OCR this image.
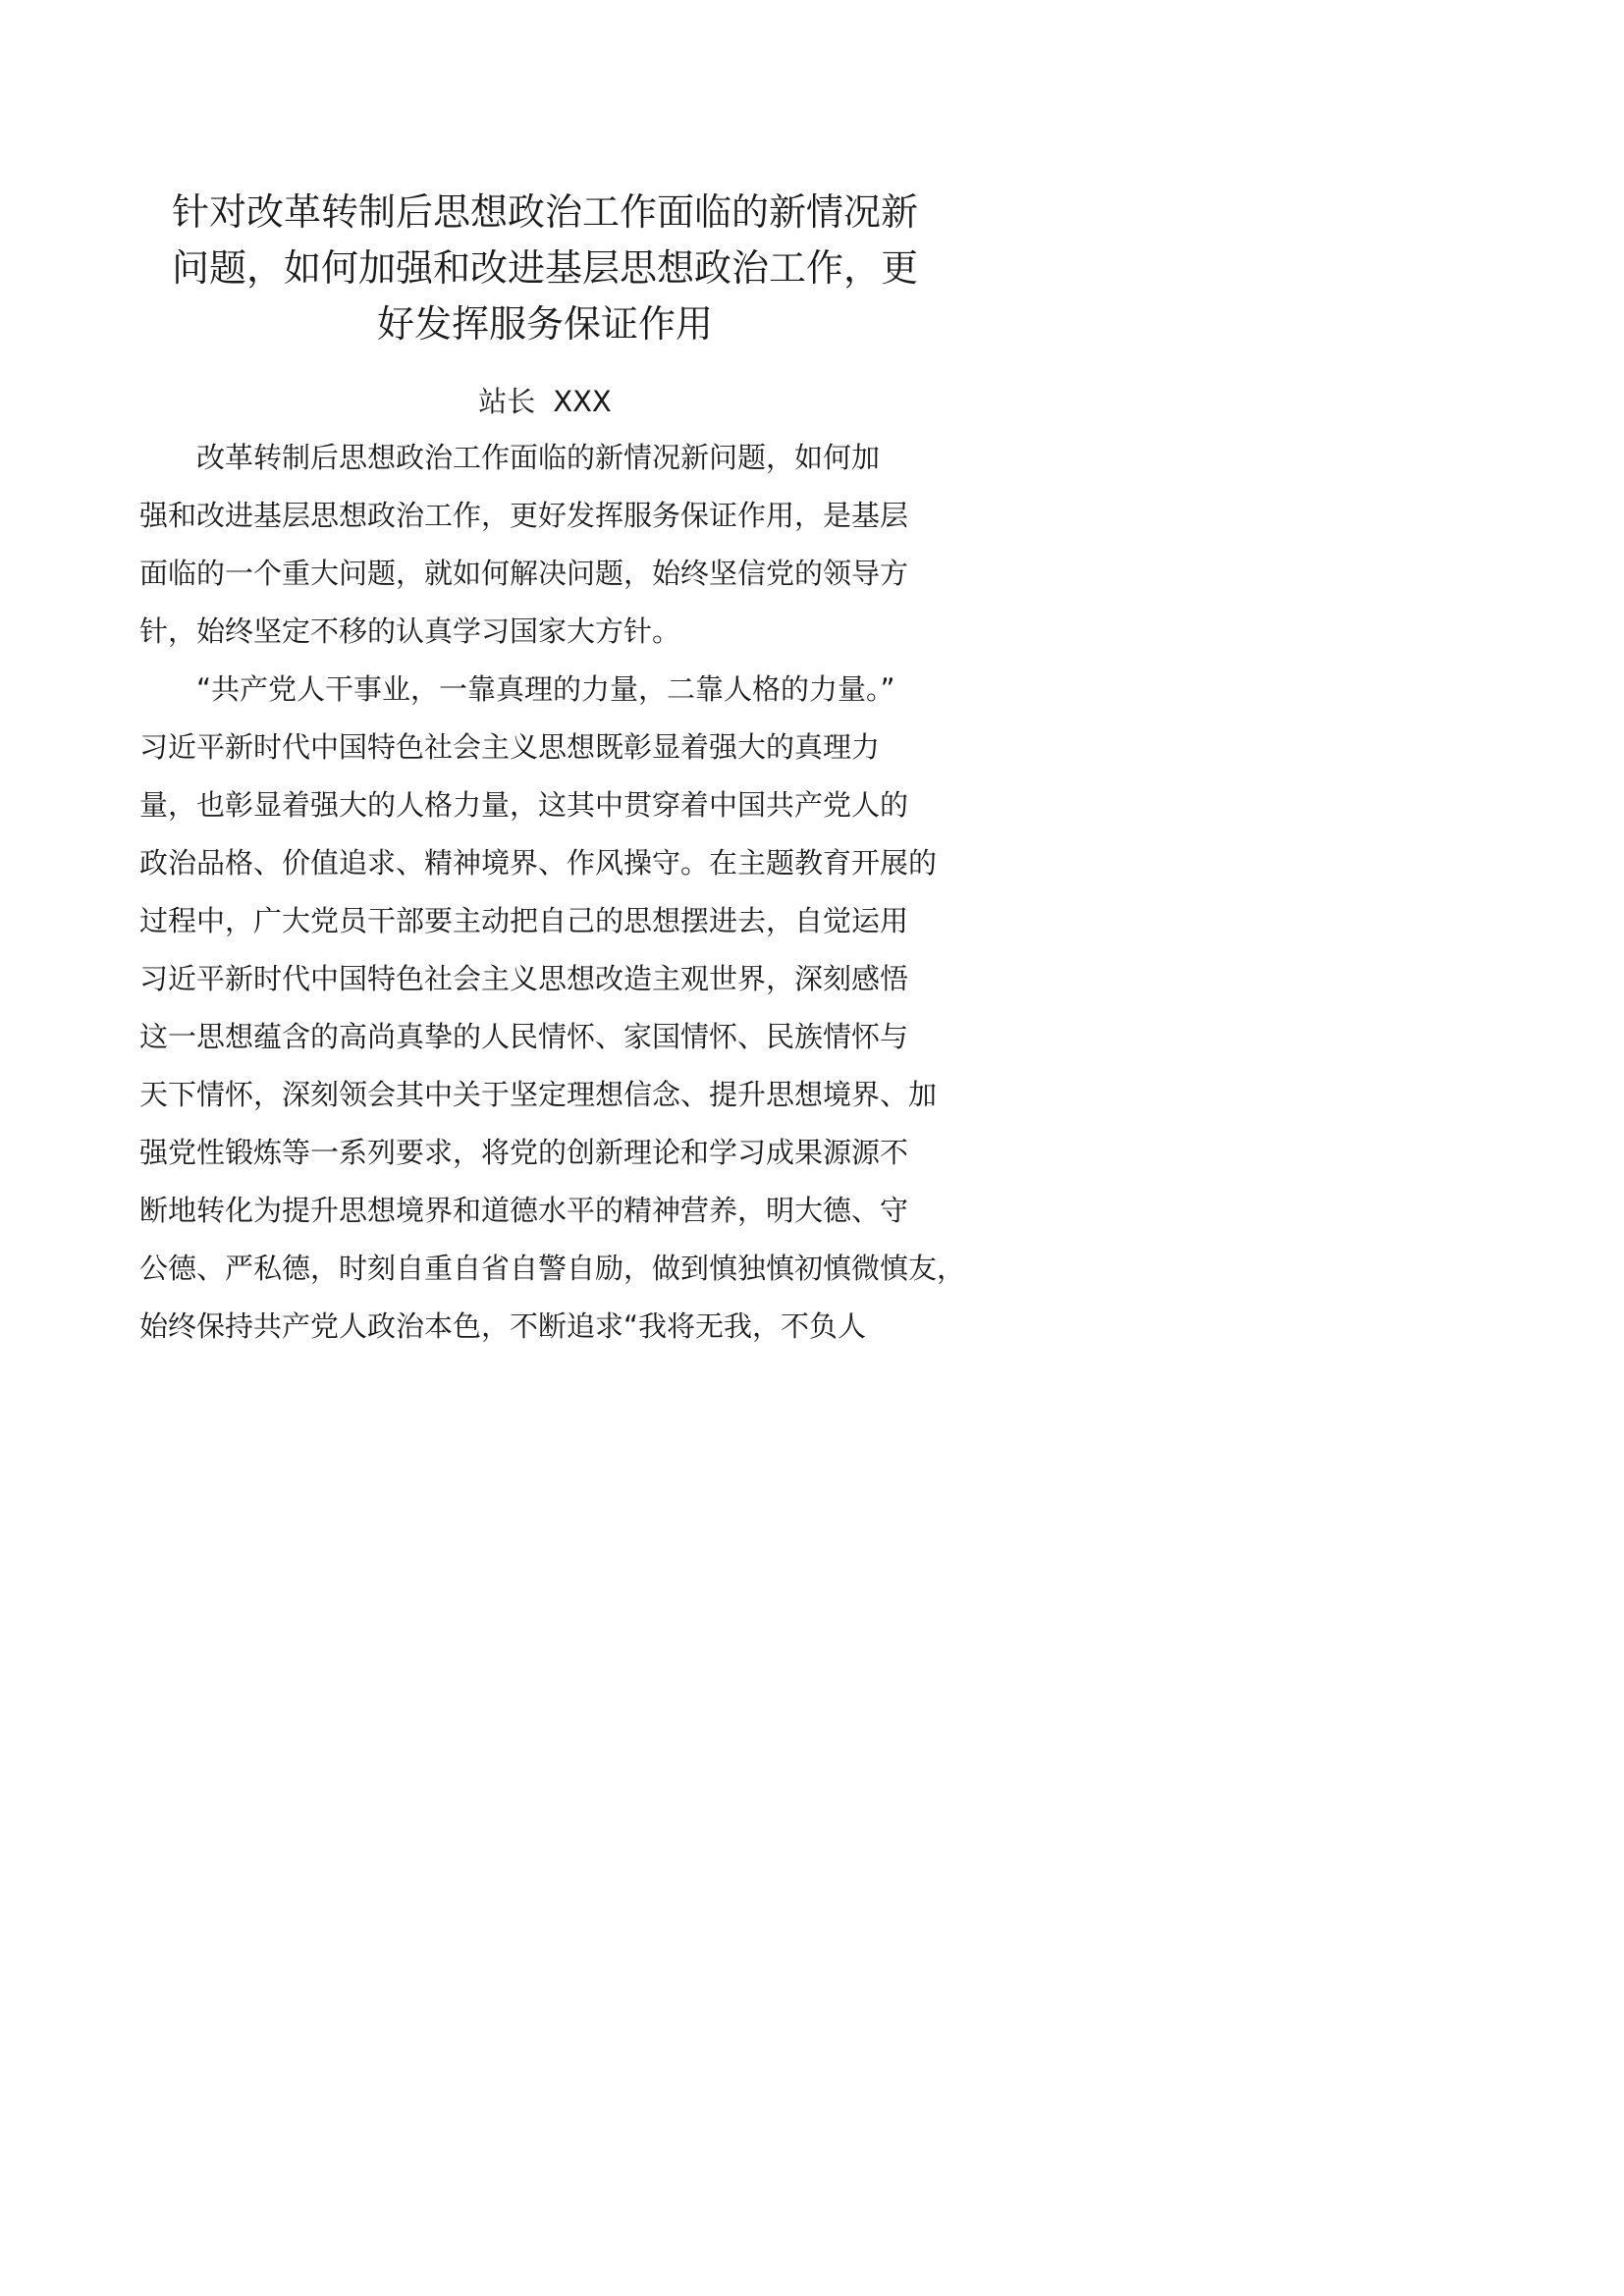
针对改革转制后思想政治工作面临的新情况新
问题，如何加强和改进基层思想政治工作，更
好发挥服务保证作用
站长 XXX
　　改革转制后思想政治工作面临的新情况新问题，如何加
强和改进基层思想政治工作，更好发挥服务保证作用，是基层
面临的一个重大问题，就如何解决问题，始终坚信党的领导方
针，始终坚定不移的认真学习国家大方针。
　　“共产党人干事业，一靠真理的力量，二靠人格的力量。”
习近平新时代中国特色社会主义思想既彰显着强大的真理力
量，也彰显着强大的人格力量，这其中贯穿着中国共产党人的
政治品格、价值追求、精神境界、作风操守。在主题教育开展的
过程中，广大党员干部要主动把自己的思想摆进去，自觉运用
习近平新时代中国特色社会主义思想改造主观世界，深刻感悟
这一思想蕴含的高尚真挚的人民情怀、家国情怀、民族情怀与
天下情怀，深刻领会其中关于坚定理想信念、提升思想境界、加
强党性锻炼等一系列要求，将党的创新理论和学习成果源源不
断地转化为提升思想境界和道德水平的精神营养，明大德、守
公德、严私德，时刻自重自省自警自励，做到慎独慎初慎微慎友，
始终保持共产党人政治本色，不断追求“我将无我，不负人
